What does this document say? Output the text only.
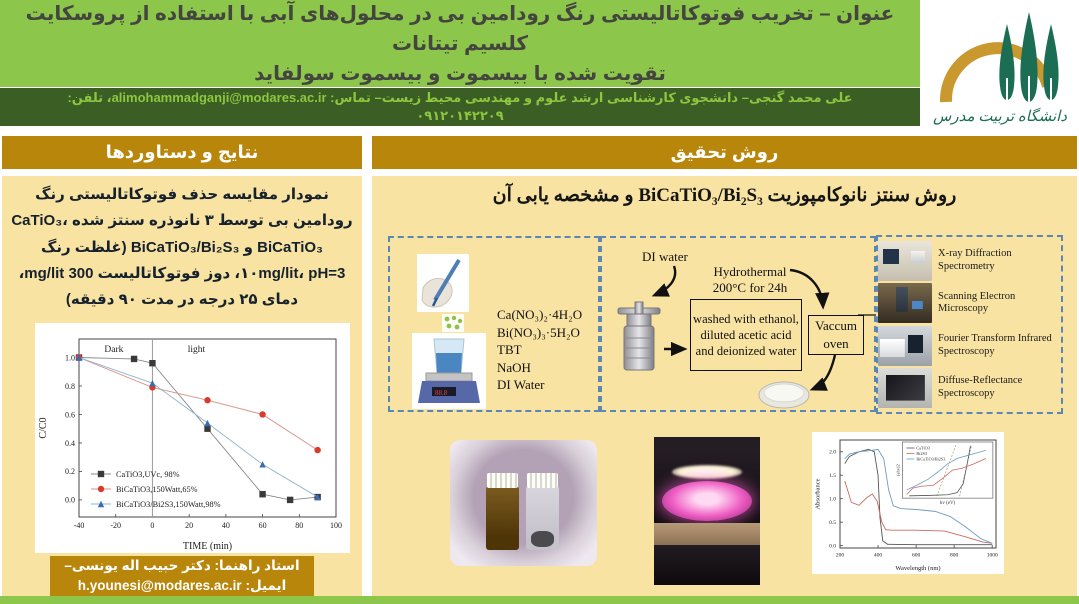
عنوان – تخریب فوتوکاتالیستی رنگ رودامین بی در محلول‌های آبی با استفاده از پروسکایت کلسیم تیتانات
تقویت شده با بیسموت و بیسموت سولفاید
علی محمد گنجی– دانشجوی کارشناسی ارشد علوم و مهندسی محیط زیست– تماس: alimohammadganji@modares.ac.ir، تلفن:
۰۹۱۲۰۱۴۲۲۰۹	دانشگاه تربیت مدرس
نتایج و دستاوردها	روش تحقیق
نمودار مقایسه حذف فوتوکاتالیستی رنگ رودامین بی توسط ۳ نانوذره سنتز شده CaTiO₃، BiCaTiO₃ و BiCaTiO₃/Bi₂S₃ (غلظت رنگ ۱۰mg/lit، pH=3، دوز فوتوکاتالیست 300 mg/lit، دمای ۲۵ درجه در مدت ۹۰ دقیقه)
-40	-20	0	20	40	60	80	100
0.0
0.2
0.4
0.6
0.8
1.0
Dark	light
TIME (min)
C/C0
CaTiO3,UVc, 98%
BiCaTiO3,150Watt,65%
BiCaTiO3/Bi2S3,150Watt,98%
استاد راهنما: دکتر حبیب اله یونسی–
ایمیل: h.younesi@modares.ac.ir
روش سنتز نانوکامپوزیت BiCaTiO₃/Bi₂S₃ و مشخصه یابی آن
88.8
Ca(NO₃)₂·4H₂O
Bi(NO₃)₃·5H₂O
TBT
NaOH
DI Water
DI water
Hydrothermal
200°C for 24h
washed with ethanol, diluted acetic acid and deionized water
Vaccum
oven
X-ray Diffraction Spectrometry
Scanning Electron Microscopy
Fourier Transform Infrared Spectroscopy
Diffuse-Reflectance Spectroscopy
200	400	600	800	1000
0.0
0.5
1.0
1.5
2.0
Wavelength (nm)
Absorbance
CaTiO3
Bi2S3
BiCaTiO3/Bi2S3
hv (eV)
(ahv)2
